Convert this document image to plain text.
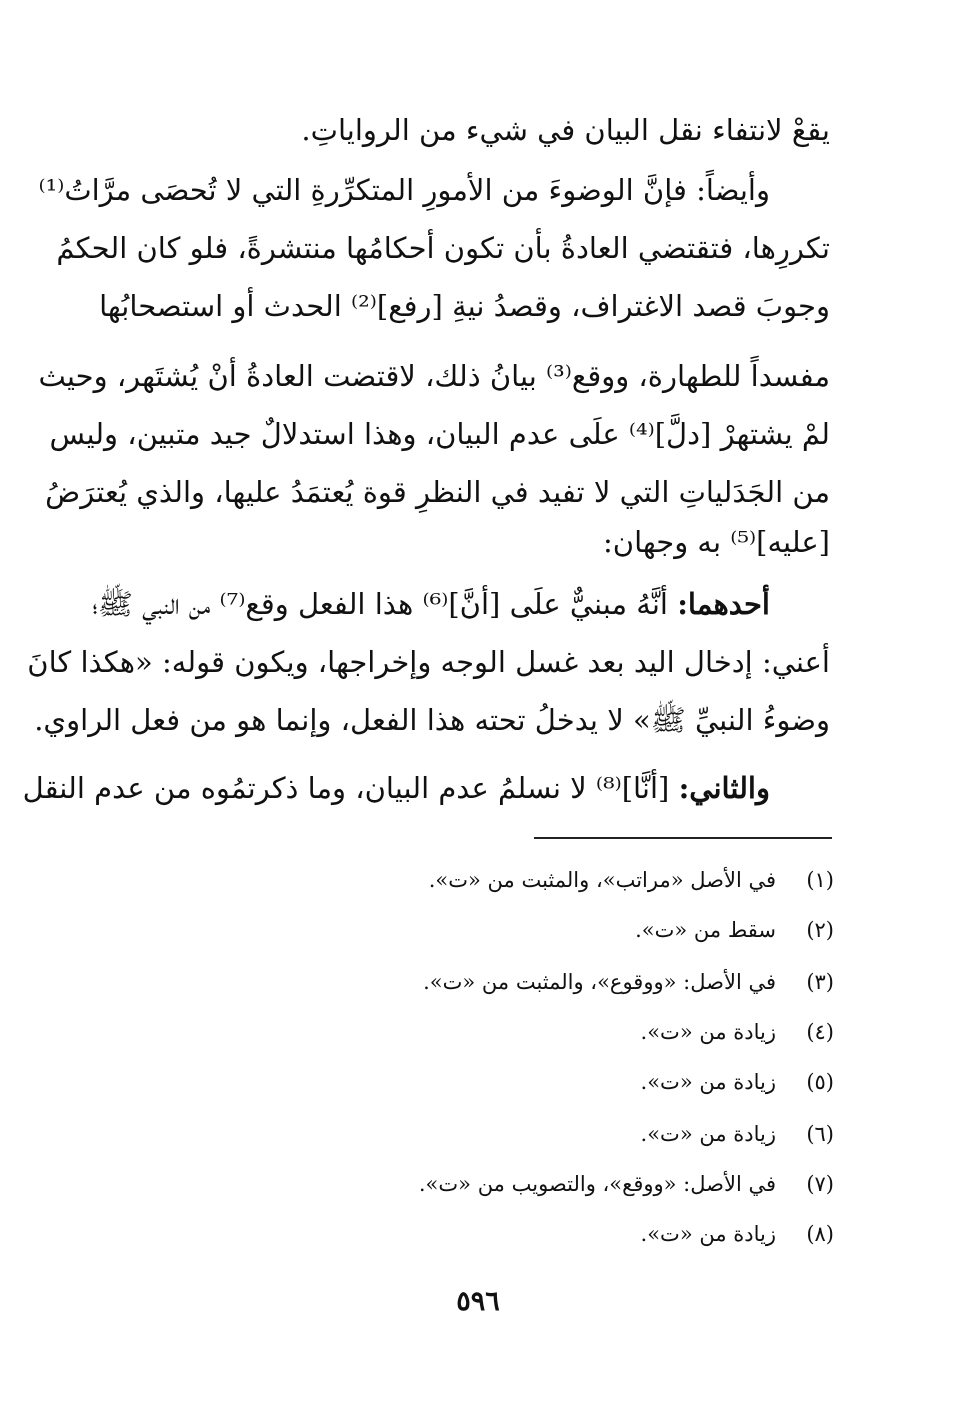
يقعْ لانتفاء نقل البيان في شيء من الرواياتِ.
وأيضاً: فإنَّ الوضوءَ من الأمورِ المتكرِّرةِ التي لا تُحصَى مرَّاتُ⁽¹⁾
تكررِها، فتقتضي العادةُ بأن تكون أحكامُها منتشرةً، فلو كان الحكمُ
وجوبَ قصد الاغتراف، وقصدُ نيةِ [رفع]⁽²⁾ الحدث أو استصحابُها
مفسداً للطهارة، ووقع⁽³⁾ بيانُ ذلك، لاقتضت العادةُ أنْ يُشتَهر، وحيث
لمْ يشتهرْ [دلَّ]⁽⁴⁾ علَى عدم البيان، وهذا استدلالٌ جيد متبين، وليس
من الجَدَلياتِ التي لا تفيد في النظرِ قوة يُعتمَدُ عليها، والذي يُعترَضُ
[عليه]⁽⁵⁾ به وجهان:
أحدهما: أنَّهُ مبنيٌّ علَى [أنَّ]⁽⁶⁾ هذا الفعل وقع⁽⁷⁾ من النبي ﷺ؛
أعني: إدخال اليد بعد غسل الوجه وإخراجها، ويكون قوله: «هكذا كانَ
وضوءُ النبيِّ ﷺ» لا يدخلُ تحته هذا الفعل، وإنما هو من فعل الراوي.
والثاني: [أنَّا]⁽⁸⁾ لا نسلمُ عدم البيان، وما ذكرتمُوه من عدم النقل
(١)في الأصل «مراتب»، والمثبت من «ت».
(٢)سقط من «ت».
(٣)في الأصل: «ووقوع»، والمثبت من «ت».
(٤)زيادة من «ت».
(٥)زيادة من «ت».
(٦)زيادة من «ت».
(٧)في الأصل: «ووقع»، والتصويب من «ت».
(٨)زيادة من «ت».
٥٩٦
